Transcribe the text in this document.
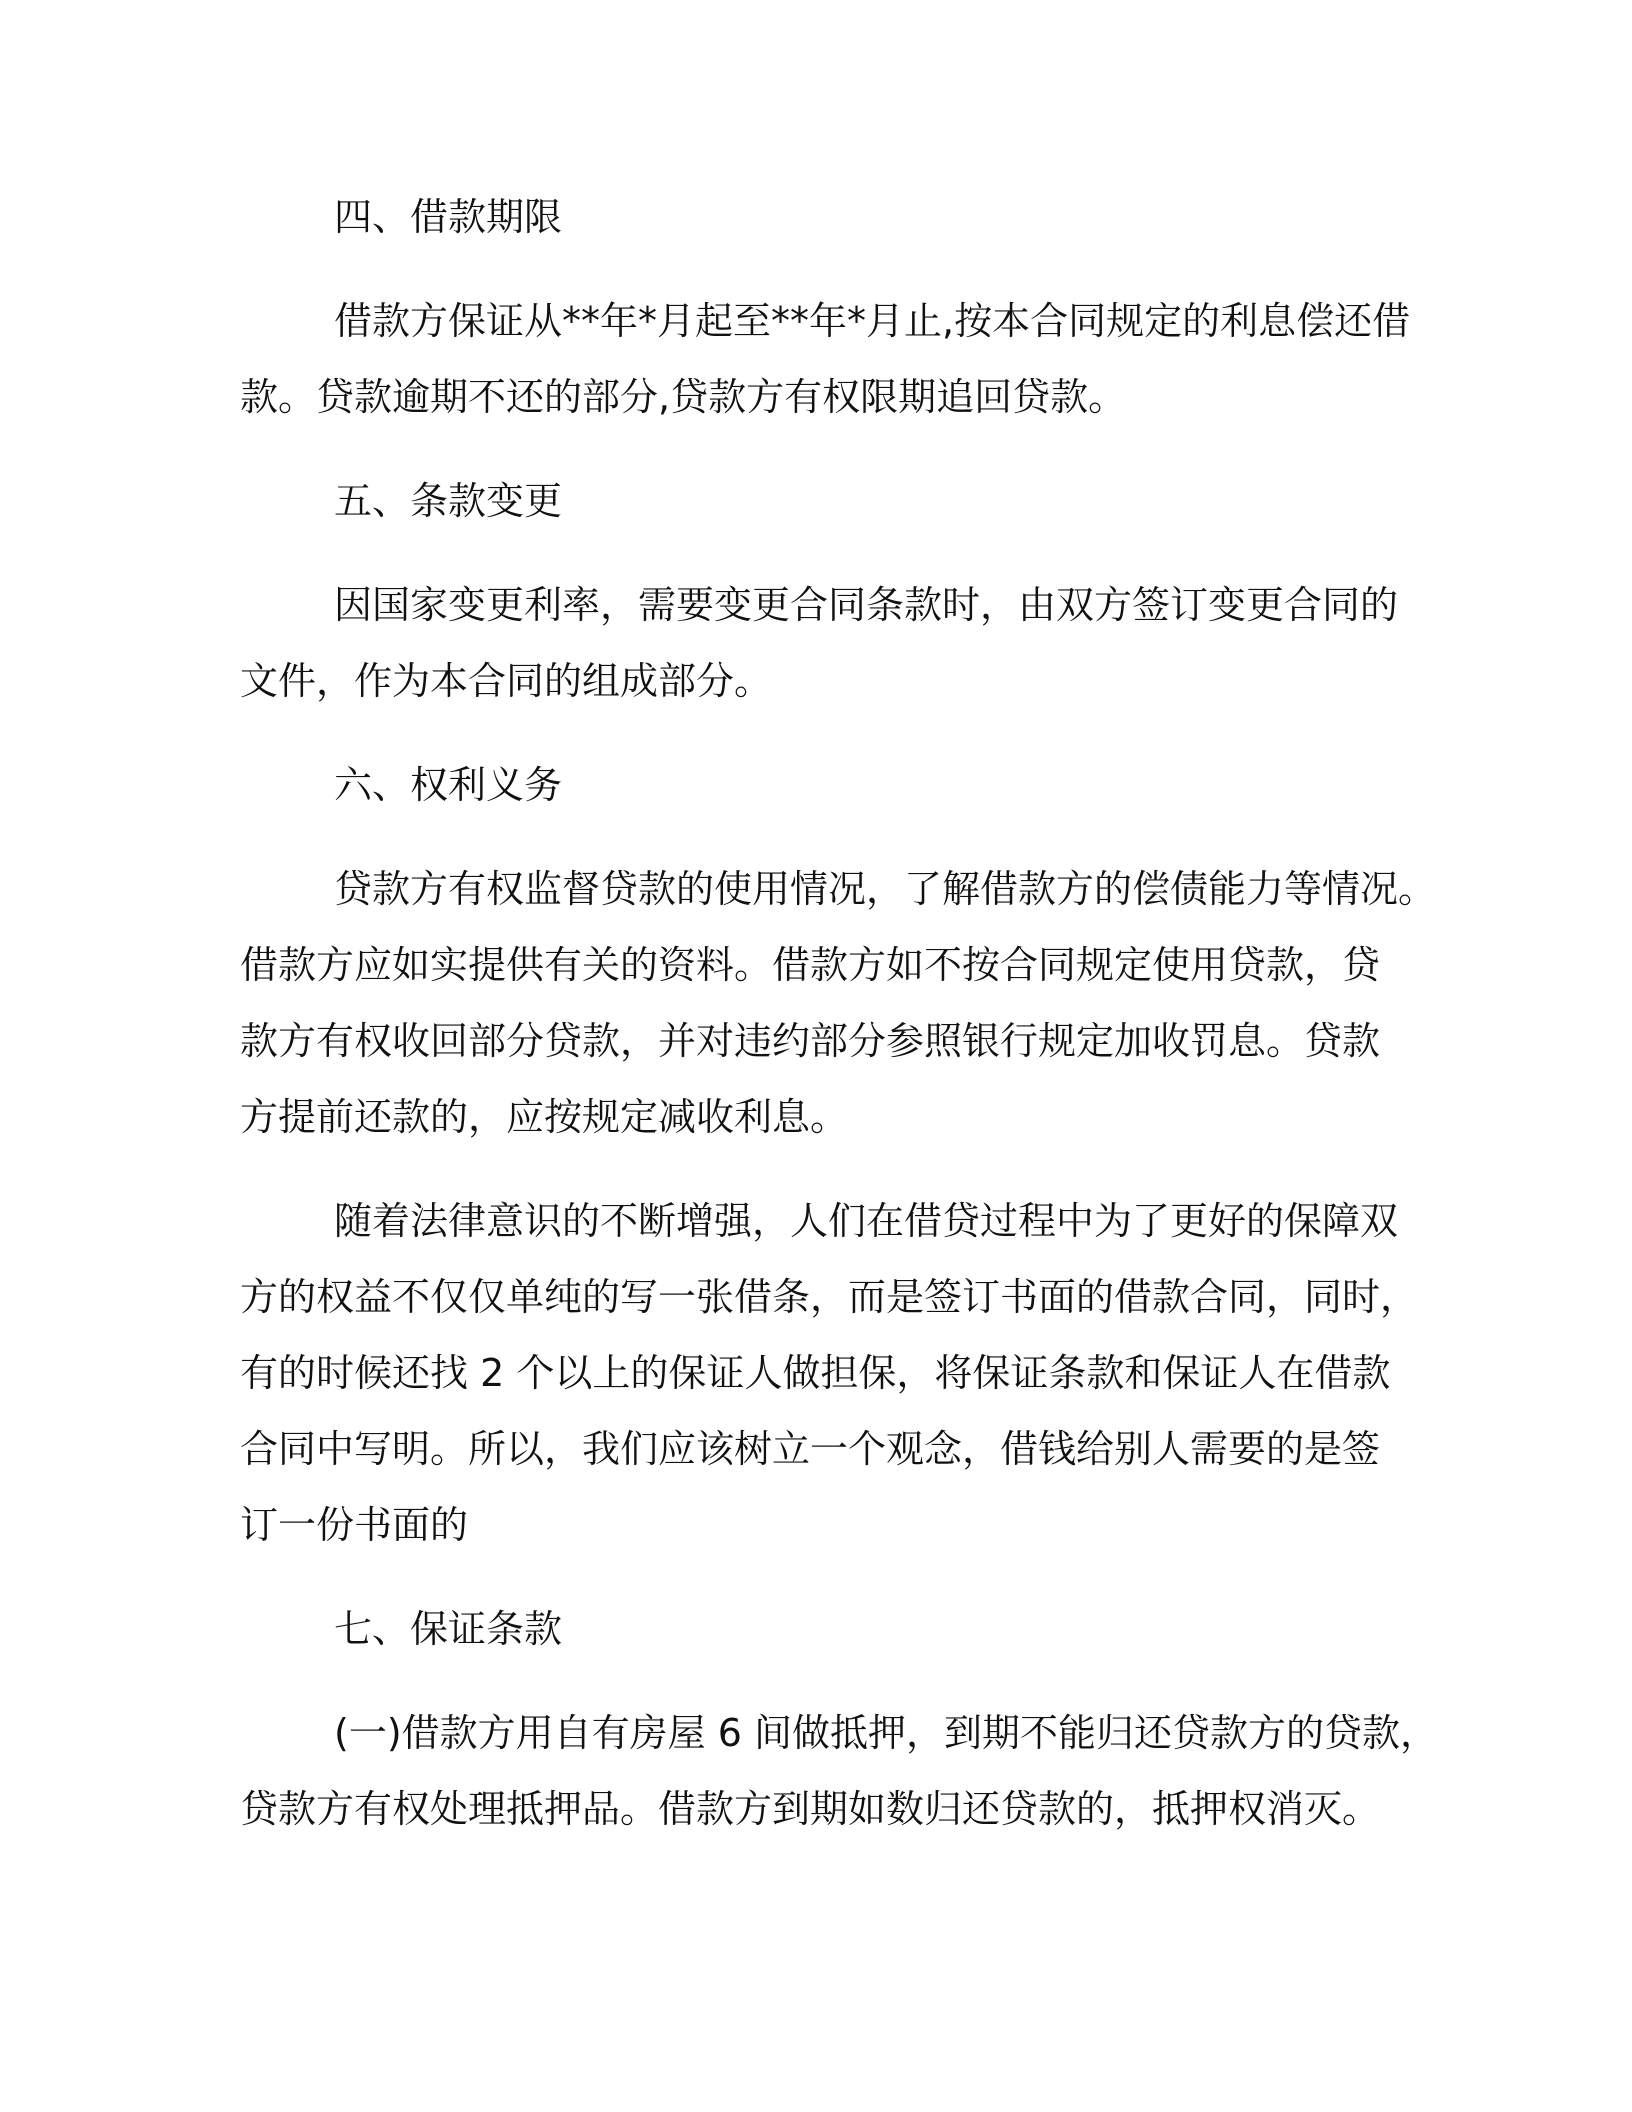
四、借款期限
借款方保证从**年*月起至**年*月止,按本合同规定的利息偿还借
款。贷款逾期不还的部分,贷款方有权限期追回贷款。
五、条款变更
因国家变更利率，需要变更合同条款时，由双方签订变更合同的
文件，作为本合同的组成部分。
六、权利义务
贷款方有权监督贷款的使用情况，了解借款方的偿债能力等情况。
借款方应如实提供有关的资料。借款方如不按合同规定使用贷款，贷
款方有权收回部分贷款，并对违约部分参照银行规定加收罚息。贷款
方提前还款的，应按规定减收利息。
随着法律意识的不断增强，人们在借贷过程中为了更好的保障双
方的权益不仅仅单纯的写一张借条，而是签订书面的借款合同，同时，
有的时候还找 2 个以上的保证人做担保，将保证条款和保证人在借款
合同中写明。所以，我们应该树立一个观念，借钱给别人需要的是签
订一份书面的
七、保证条款
(一)借款方用自有房屋 6 间做抵押，到期不能归还贷款方的贷款，
贷款方有权处理抵押品。借款方到期如数归还贷款的，抵押权消灭。
